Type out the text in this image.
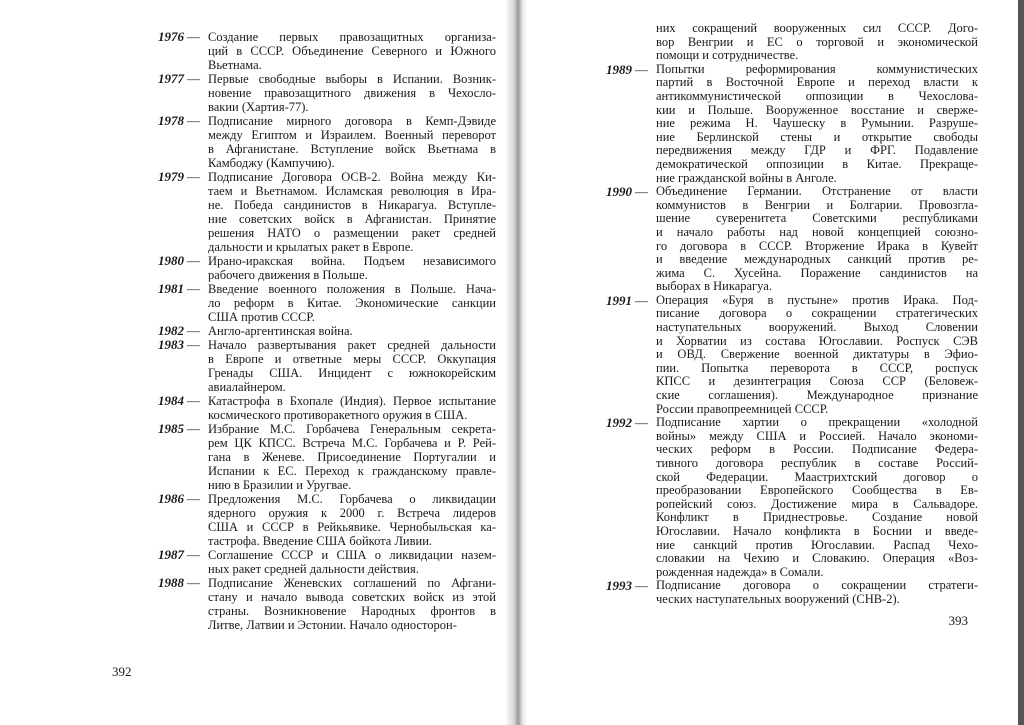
1976 — Создание первых правозащитных организа-
ций в СССР. Объединение Северного и Южного
Вьетнама.
1977 — Первые свободные выборы в Испании. Возник-
новение правозащитного движения в Чехосло-
вакии (Хартия-77).
1978 — Подписание мирного договора в Кемп-Дэвиде
между Египтом и Израилем. Военный переворот
в Афганистане. Вступление войск Вьетнама в
Камбоджу (Кампучию).
1979 — Подписание Договора ОСВ-2. Война между Ки-
таем и Вьетнамом. Исламская революция в Ира-
не. Победа сандинистов в Никарагуа. Вступле-
ние советских войск в Афганистан. Принятие
решения НАТО о размещении ракет средней
дальности и крылатых ракет в Европе.
1980 — Ирано-иракская война. Подъем независимого
рабочего движения в Польше.
1981 — Введение военного положения в Польше. Нача-
ло реформ в Китае. Экономические санкции
США против СССР.
1982 — Англо-аргентинская война.
1983 — Начало развертывания ракет средней дальности
в Европе и ответные меры СССР. Оккупация
Гренады США. Инцидент с южнокорейским
авиалайнером.
1984 — Катастрофа в Бхопале (Индия). Первое испытание
космического противоракетного оружия в США.
1985 — Избрание М.С. Горбачева Генеральным секрета-
рем ЦК КПСС. Встреча М.С. Горбачева и Р. Рей-
гана в Женеве. Присоединение Португалии и
Испании к ЕС. Переход к гражданскому правле-
нию в Бразилии и Уругвае.
1986 — Предложения М.С. Горбачева о ликвидации
ядерного оружия к 2000 г. Встреча лидеров
США и СССР в Рейкьявике. Чернобыльская ка-
тастрофа. Введение США бойкота Ливии.
1987 — Соглашение СССР и США о ликвидации назем-
ных ракет средней дальности действия.
1988 — Подписание Женевских соглашений по Афгани-
стану и начало вывода советских войск из этой
страны. Возникновение Народных фронтов в
Литве, Латвии и Эстонии. Начало односторон-
них сокращений вооруженных сил СССР. Дого-
вор Венгрии и ЕС о торговой и экономической
помощи и сотрудничестве.
1989 — Попытки реформирования коммунистических
партий в Восточной Европе и переход власти к
антикоммунистической оппозиции в Чехослова-
кии и Польше. Вооруженное восстание и сверже-
ние режима Н. Чаушеску в Румынии. Разруше-
ние Берлинской стены и открытие свободы
передвижения между ГДР и ФРГ. Подавление
демократической оппозиции в Китае. Прекраще-
ние гражданской войны в Анголе.
1990 — Объединение Германии. Отстранение от власти
коммунистов в Венгрии и Болгарии. Провозгла-
шение суверенитета Советскими республиками
и начало работы над новой концепцией союзно-
го договора в СССР. Вторжение Ирака в Кувейт
и введение международных санкций против ре-
жима С. Хусейна. Поражение сандинистов на
выборах в Никарагуа.
1991 — Операция «Буря в пустыне» против Ирака. Под-
писание договора о сокращении стратегических
наступательных вооружений. Выход Словении
и Хорватии из состава Югославии. Роспуск СЭВ
и ОВД. Свержение военной диктатуры в Эфио-
пии. Попытка переворота в СССР, роспуск
КПСС и дезинтеграция Союза ССР (Беловеж-
ские соглашения). Международное признание
России правопреемницей СССР.
1992 — Подписание хартии о прекращении «холодной
войны» между США и Россией. Начало экономи-
ческих реформ в России. Подписание Федера-
тивного договора республик в составе Россий-
ской Федерации. Маастрихтский договор о
преобразовании Европейского Сообщества в Ев-
ропейский союз. Достижение мира в Сальвадоре.
Конфликт в Приднестровье. Создание новой
Югославии. Начало конфликта в Боснии и введе-
ние санкций против Югославии. Распад Чехо-
словакии на Чехию и Словакию. Операция «Воз-
рожденная надежда» в Сомали.
1993 — Подписание договора о сокращении стратеги-
ческих наступательных вооружений (СНВ-2).
393
392
